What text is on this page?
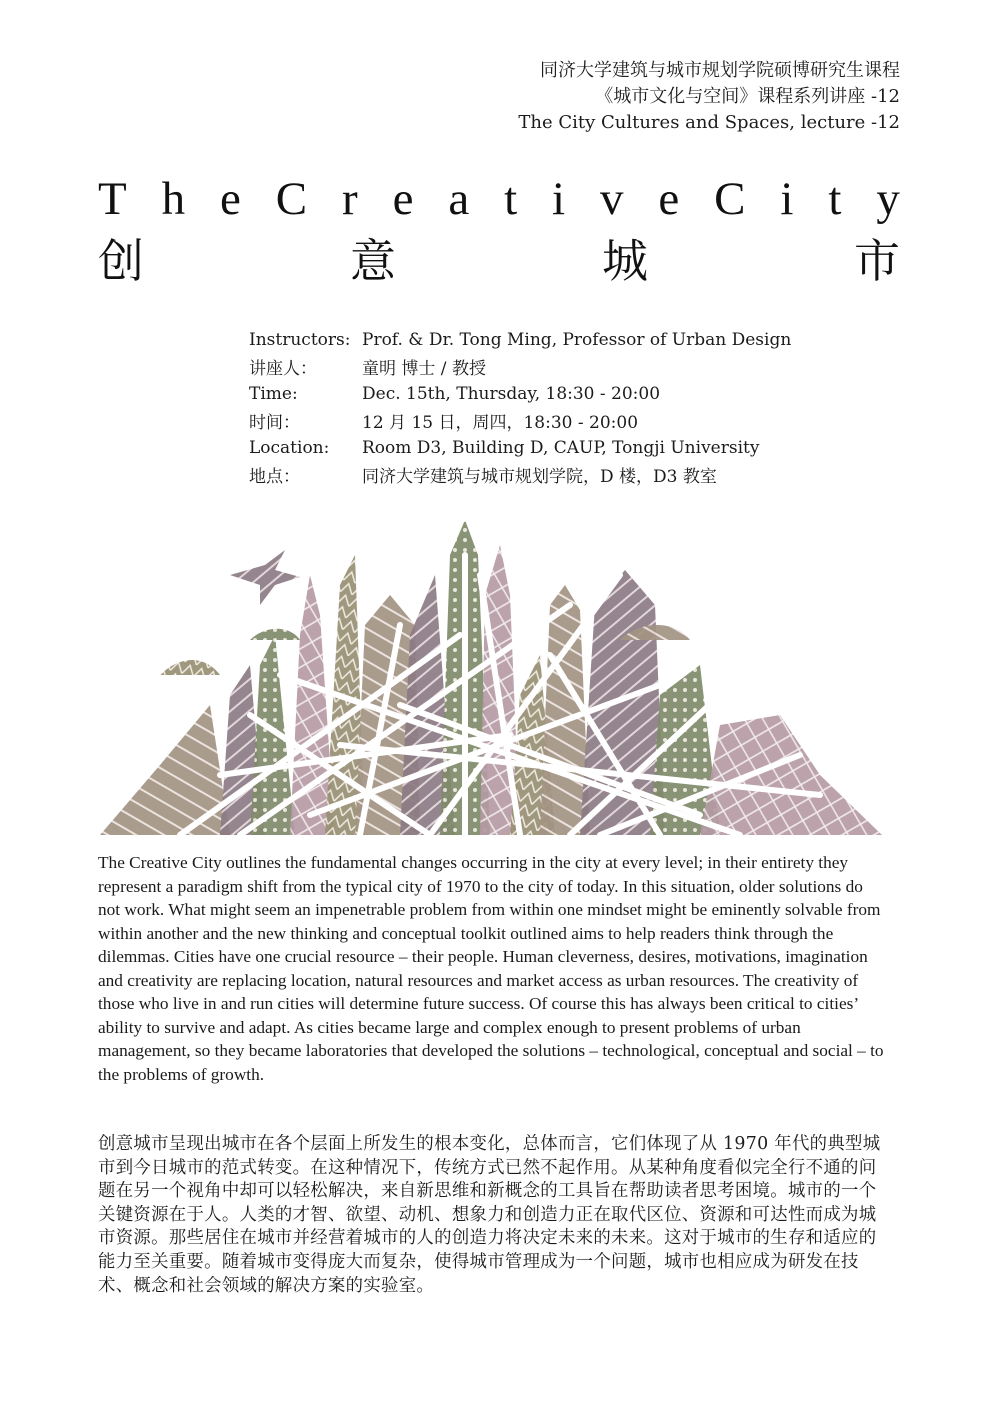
同济大学建筑与城市规划学院硕博研究生课程
《城市文化与空间》课程系列讲座 -12
The City Cultures and Spaces, lecture -12
T h e C r e a t i v e C i t y
创	意	城	市
Instructors: Prof. & Dr. Tong Ming, Professor of Urban Design
讲座人：	童明 博士 / 教授
Time:	Dec. 15th, Thursday, 18:30 - 20:00
时间：	12 月 15 日，周四，18:30 - 20:00
Location:	Room D3, Building D, CAUP, Tongji University
地点：	同济大学建筑与城市规划学院，D 楼，D3 教室

The Creative City outlines the fundamental changes occurring in the city at every level; in their entirety they represent a paradigm shift from the typical city of 1970 to the city of today. In this situation, older solutions do not work. What might seem an impenetrable problem from within one mindset might be eminently solvable from within another and the new thinking and conceptual toolkit outlined aims to help readers think through the dilemmas. Cities have one crucial resource – their people. Human cleverness, desires, motivations, imagination and creativity are replacing location, natural resources and market access as urban resources. The creativity of those who live in and run cities will determine future success. Of course this has always been critical to cities’ ability to survive and adapt. As cities became large and complex enough to present problems of urban management, so they became laboratories that developed the solutions – technological, conceptual and social – to the problems of growth.

创意城市呈现出城市在各个层面上所发生的根本变化，总体而言，它们体现了从 1970 年代的典型城市到今日城市的范式转变。在这种情况下，传统方式已然不起作用。从某种角度看似完全行不通的问题在另一个视角中却可以轻松解决，来自新思维和新概念的工具旨在帮助读者思考困境。城市的一个关键资源在于人。人类的才智、欲望、动机、想象力和创造力正在取代区位、资源和可达性而成为城市资源。那些居住在城市并经营着城市的人的创造力将决定未来的未来。这对于城市的生存和适应的能力至关重要。随着城市变得庞大而复杂，使得城市管理成为一个问题，城市也相应成为研发在技术、概念和社会领域的解决方案的实验室。
